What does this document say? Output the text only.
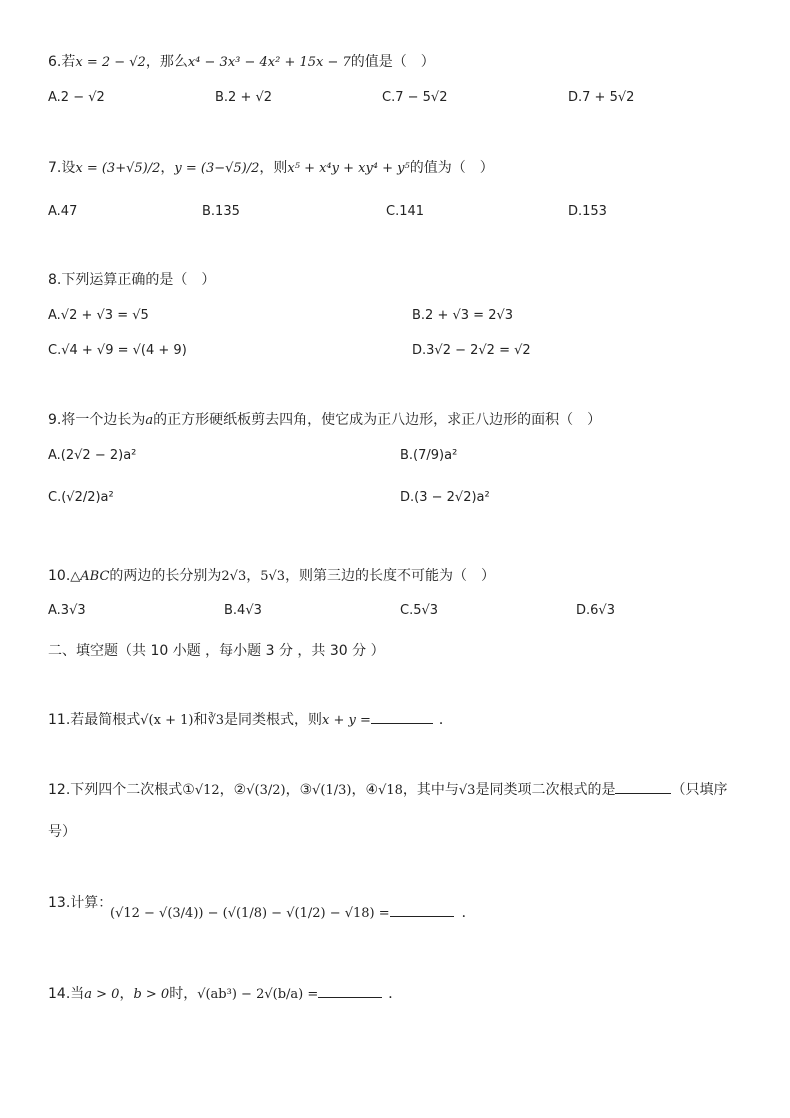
6.若x = 2 − √2，那么x⁴ − 3x³ − 4x² + 15x − 7的值是（　）
A.2 − √2	B.2 + √2	C.7 − 5√2	D.7 + 5√2
7.设x = (3+√5)/2，y = (3−√5)/2，则x⁵ + x⁴y + xy⁴ + y⁵的值为（　）
A.47	B.135	C.141	D.153
8.下列运算正确的是（　）
A.√2 + √3 = √5	B.2 + √3 = 2√3
C.√4 + √9 = √(4 + 9)	D.3√2 − 2√2 = √2
9.将一个边长为a的正方形硬纸板剪去四角，使它成为正八边形，求正八边形的面积（　）
A.(2√2 − 2)a²	B.(7/9)a²
C.(√2/2)a²	D.(3 − 2√2)a²
10.△ABC的两边的长分别为2√3，5√3，则第三边的长度不可能为（　）
A.3√3	B.4√3	C.5√3	D.6√3
二、填空题（共 10 小题 ，每小题 3 分 ，共 30 分 ）
11.若最简根式√(x + 1)和∛3是同类根式，则x + y =	．
12.下列四个二次根式①√12，②√(3/2)，③√(1/3)，④√18，其中与√3是同类项二次根式的是	（只填序
号）
13.计算：
(√12 − √(3/4)) − (√(1/8) − √(1/2) − √18) =	．
14.当a > 0，b > 0时，√(ab³) − 2√(b/a) =	．
